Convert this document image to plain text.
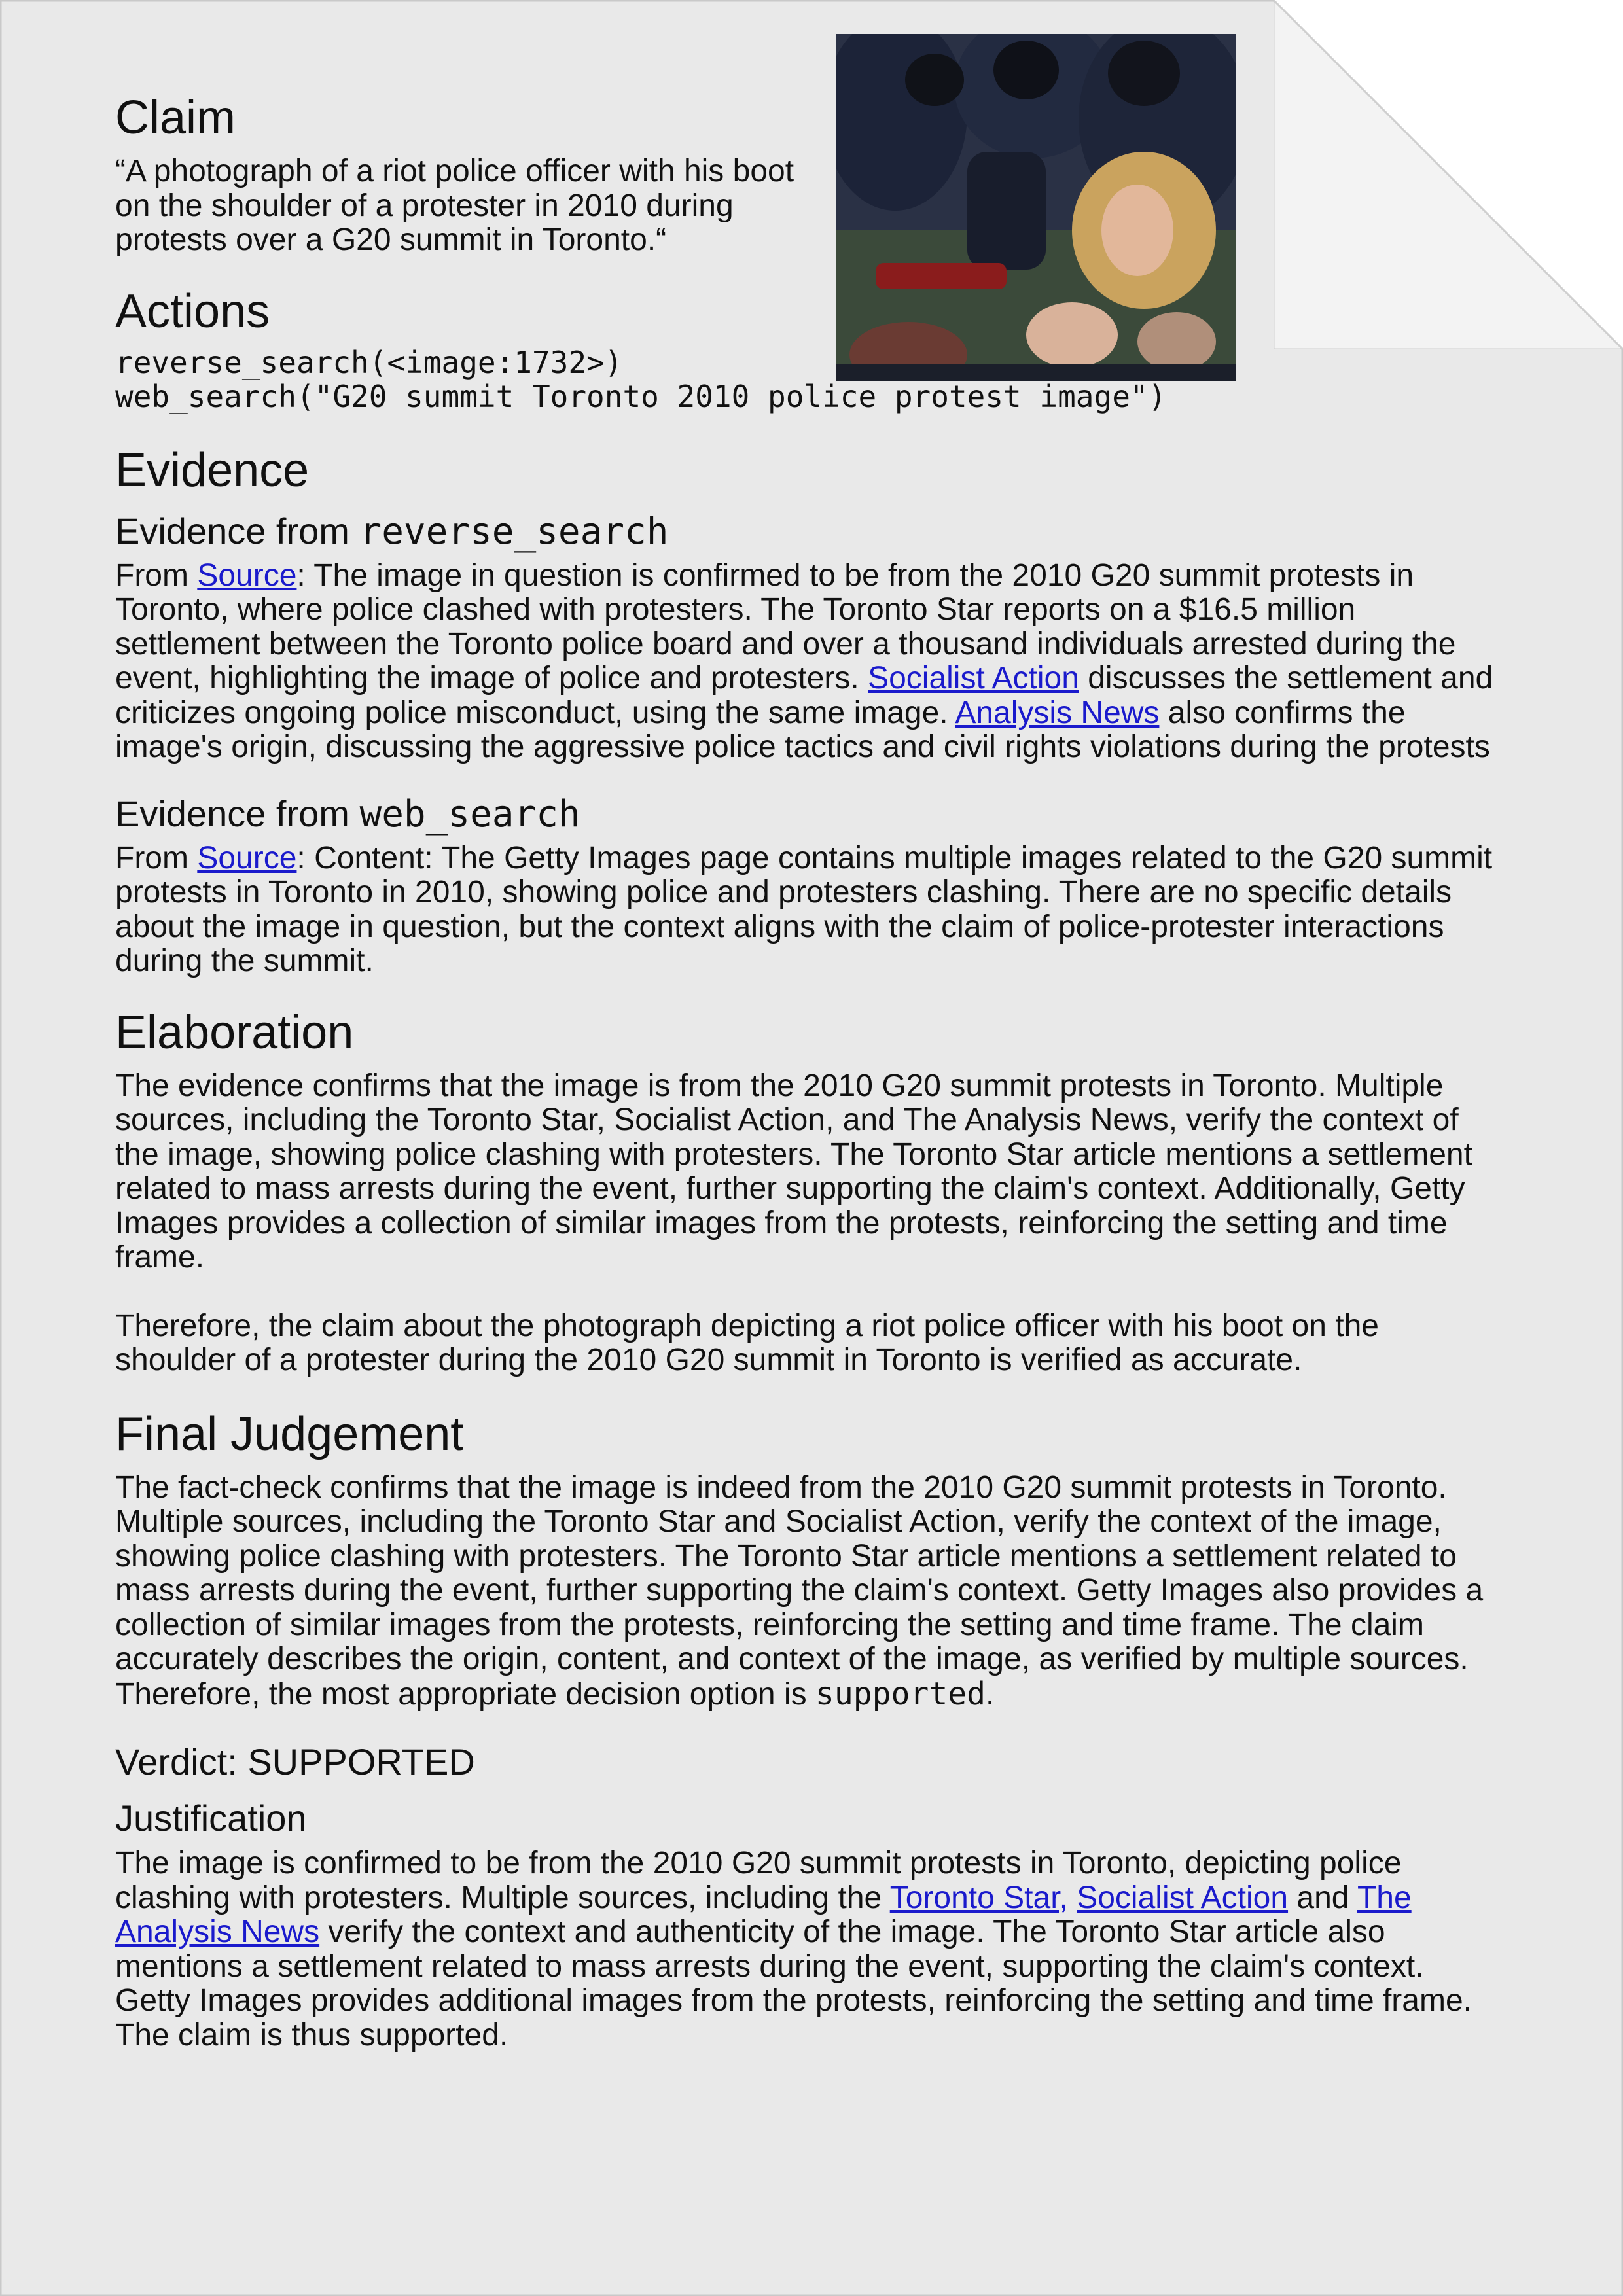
Claim

“A photograph of a riot police officer with his boot on the shoulder of a protester in 2010 during protests over a G20 summit in Toronto.“

Actions
reverse_search(<image:1732>)
web_search("G20 summit Toronto 2010 police protest image")
Evidence
Evidence from reverse_search

From Source: The image in question is confirmed to be from the 2010 G20 summit protests in Toronto, where police clashed with protesters. The Toronto Star reports on a $16.5 million settlement between the Toronto police board and over a thousand individuals arrested during the event, highlighting the image of police and protesters. Socialist Action discusses the settlement and criticizes ongoing police misconduct, using the same image. Analysis News also confirms the image's origin, discussing the aggressive police tactics and civil rights violations during the protests

Evidence from web_search

From Source: Content: The Getty Images page contains multiple images related to the G20 summit protests in Toronto in 2010, showing police and protesters clashing. There are no specific details about the image in question, but the context aligns with the claim of police-protester interactions during the summit.

Elaboration

The evidence confirms that the image is from the 2010 G20 summit protests in Toronto. Multiple sources, including the Toronto Star, Socialist Action, and The Analysis News, verify the context of the image, showing police clashing with protesters. The Toronto Star article mentions a settlement related to mass arrests during the event, further supporting the claim's context. Additionally, Getty Images provides a collection of similar images from the protests, reinforcing the setting and time frame.

Therefore, the claim about the photograph depicting a riot police officer with his boot on the shoulder of a protester during the 2010 G20 summit in Toronto is verified as accurate.

Final Judgement

The fact-check confirms that the image is indeed from the 2010 G20 summit protests in Toronto. Multiple sources, including the Toronto Star and Socialist Action, verify the context of the image, showing police clashing with protesters. The Toronto Star article mentions a settlement related to mass arrests during the event, further supporting the claim's context. Getty Images also provides a collection of similar images from the protests, reinforcing the setting and time frame. The claim accurately describes the origin, content, and context of the image, as verified by multiple sources. Therefore, the most appropriate decision option is supported.

Verdict: SUPPORTED
Justification

The image is confirmed to be from the 2010 G20 summit protests in Toronto, depicting police clashing with protesters. Multiple sources, including the Toronto Star, Socialist Action and The Analysis News verify the context and authenticity of the image. The Toronto Star article also mentions a settlement related to mass arrests during the event, supporting the claim's context. Getty Images provides additional images from the protests, reinforcing the setting and time frame. The claim is thus supported.
